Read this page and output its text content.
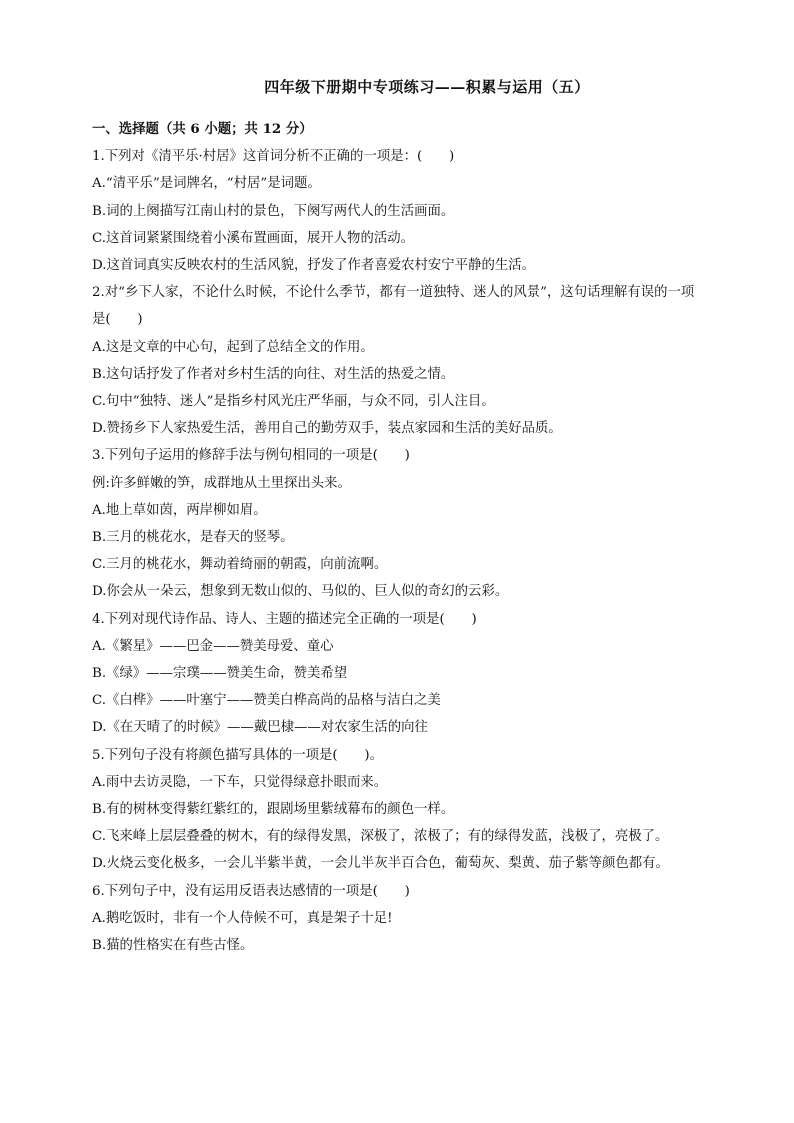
四年级下册期中专项练习——积累与运用（五）
一、选择题（共 6 小题；共 12 分）
1.下列对《清平乐·村居》这首词分析不正确的一项是：(　　)
A.“清平乐”是词牌名，“村居”是词题。
B.词的上阕描写江南山村的景色，下阕写两代人的生活画面。
C.这首词紧紧围绕着小溪布置画面，展开人物的活动。
D.这首词真实反映农村的生活风貌，抒发了作者喜爱农村安宁平静的生活。
2.对“乡下人家，不论什么时候，不论什么季节，都有一道独特、迷人的风景”，这句话理解有误的一项是(　　)
A.这是文章的中心句，起到了总结全文的作用。
B.这句话抒发了作者对乡村生活的向往、对生活的热爱之情。
C.句中“独特、迷人”是指乡村风光庄严华丽，与众不同，引人注目。
D.赞扬乡下人家热爱生活，善用自己的勤劳双手，装点家园和生活的美好品质。
3.下列句子运用的修辞手法与例句相同的一项是(　　)
例:许多鲜嫩的笋，成群地从土里探出头来。
A.地上草如茵，两岸柳如眉。
B.三月的桃花水，是春天的竖琴。
C.三月的桃花水，舞动着绮丽的朝霞，向前流啊。
D.你会从一朵云，想象到无数山似的、马似的、巨人似的奇幻的云彩。
4.下列对现代诗作品、诗人、主题的描述完全正确的一项是(　　)
A.《繁星》——巴金——赞美母爱、童心
B.《绿》——宗璞——赞美生命，赞美希望
C.《白桦》——叶塞宁——赞美白桦高尚的品格与洁白之美
D.《在天晴了的时候》——戴巴棣——对农家生活的向往
5.下列句子没有将颜色描写具体的一项是(　　)。
A.雨中去访灵隐，一下车，只觉得绿意扑眼而来。
B.有的树林变得紫红紫红的，跟剧场里紫绒幕布的颜色一样。
C.飞来峰上层层叠叠的树木，有的绿得发黑，深极了，浓极了；有的绿得发蓝，浅极了，亮极了。
D.火烧云变化极多，一会儿半紫半黄，一会儿半灰半百合色，葡萄灰、梨黄、茄子紫等颜色都有。
6.下列句子中，没有运用反语表达感情的一项是(　　)
A.鹅吃饭时，非有一个人侍候不可，真是架子十足!
B.猫的性格实在有些古怪。
